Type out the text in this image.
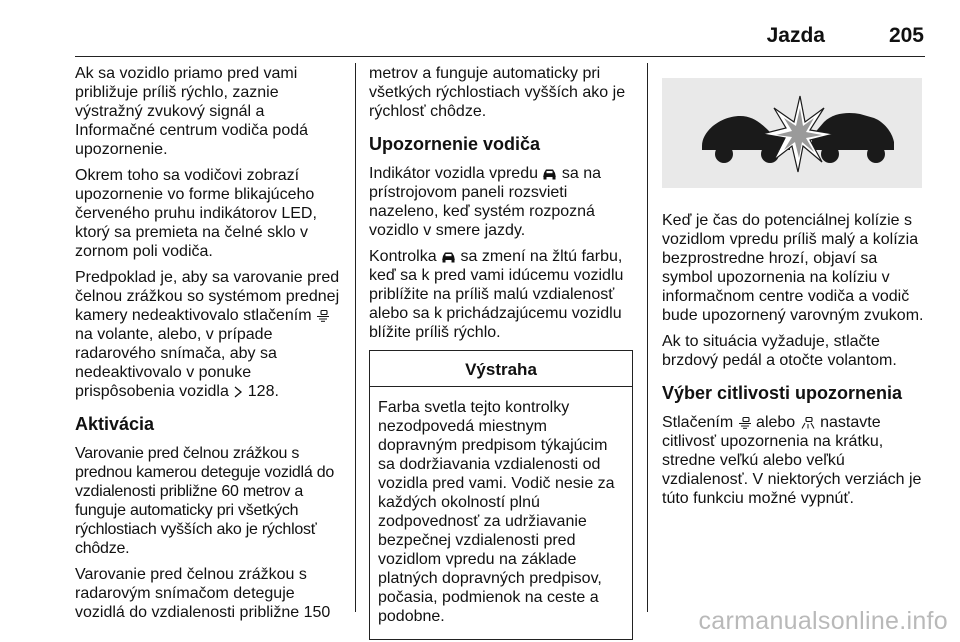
Jazda	205

Ak sa vozidlo priamo pred vami približuje príliš rýchlo, zaznie výstražný zvukový signál a Informačné centrum vodiča podá upozornenie.

Okrem toho sa vodičovi zobrazí upozornenie vo forme blikajúceho červeného pruhu indikátorov LED, ktorý sa premieta na čelné sklo v zornom poli vodiča.

Predpoklad je, aby sa varovanie pred čelnou zrážkou so systémom prednej kamery nedeaktivovalo stlačením  na volante, alebo, v prípade radarového snímača, aby sa nedeaktivovalo v ponuke prispôsobenia vozidla 128.

Aktivácia

Varovanie pred čelnou zrážkou s prednou kamerou deteguje vozidlá do vzdialenosti približne 60 metrov a funguje automaticky pri všetkých rýchlostiach vyšších ako je rýchlosť chôdze.

Varovanie pred čelnou zrážkou s radarovým snímačom deteguje vozidlá do vzdialenosti približne 150

metrov a funguje automaticky pri všetkých rýchlostiach vyšších ako je rýchlosť chôdze.

Upozornenie vodiča

Indikátor vozidla vpredu sa na prístrojovom paneli rozsvieti nazeleno, keď systém rozpozná vozidlo v smere jazdy.

Kontrolka sa zmení na žltú farbu, keď sa k pred vami idúcemu vozidlu priblížite na príliš malú vzdialenosť alebo sa k prichádzajúcemu vozidlu blížite príliš rýchlo.

Výstraha

Farba svetla tejto kontrolky nezodpovedá miestnym dopravným predpisom týkajúcim sa dodržiavania vzdialenosti od vozidla pred vami. Vodič nesie za každých okolností plnú zodpovednosť za udržiavanie bezpečnej vzdialenosti pred vozidlom vpredu na základe platných dopravných predpisov, počasia, podmienok na ceste a podobne.

Keď je čas do potenciálnej kolízie s vozidlom vpredu príliš malý a kolízia bezprostredne hrozí, objaví sa symbol upozornenia na kolíziu v informačnom centre vodiča a vodič bude upozornený varovným zvukom.

Ak to situácia vyžaduje, stlačte brzdový pedál a otočte volantom.

Výber citlivosti upozornenia

Stlačením alebo nastavte citlivosť upozornenia na krátku, stredne veľkú alebo veľkú vzdialenosť. V niektorých verziách je túto funkciu možné vypnúť.

carmanualsonline.info
